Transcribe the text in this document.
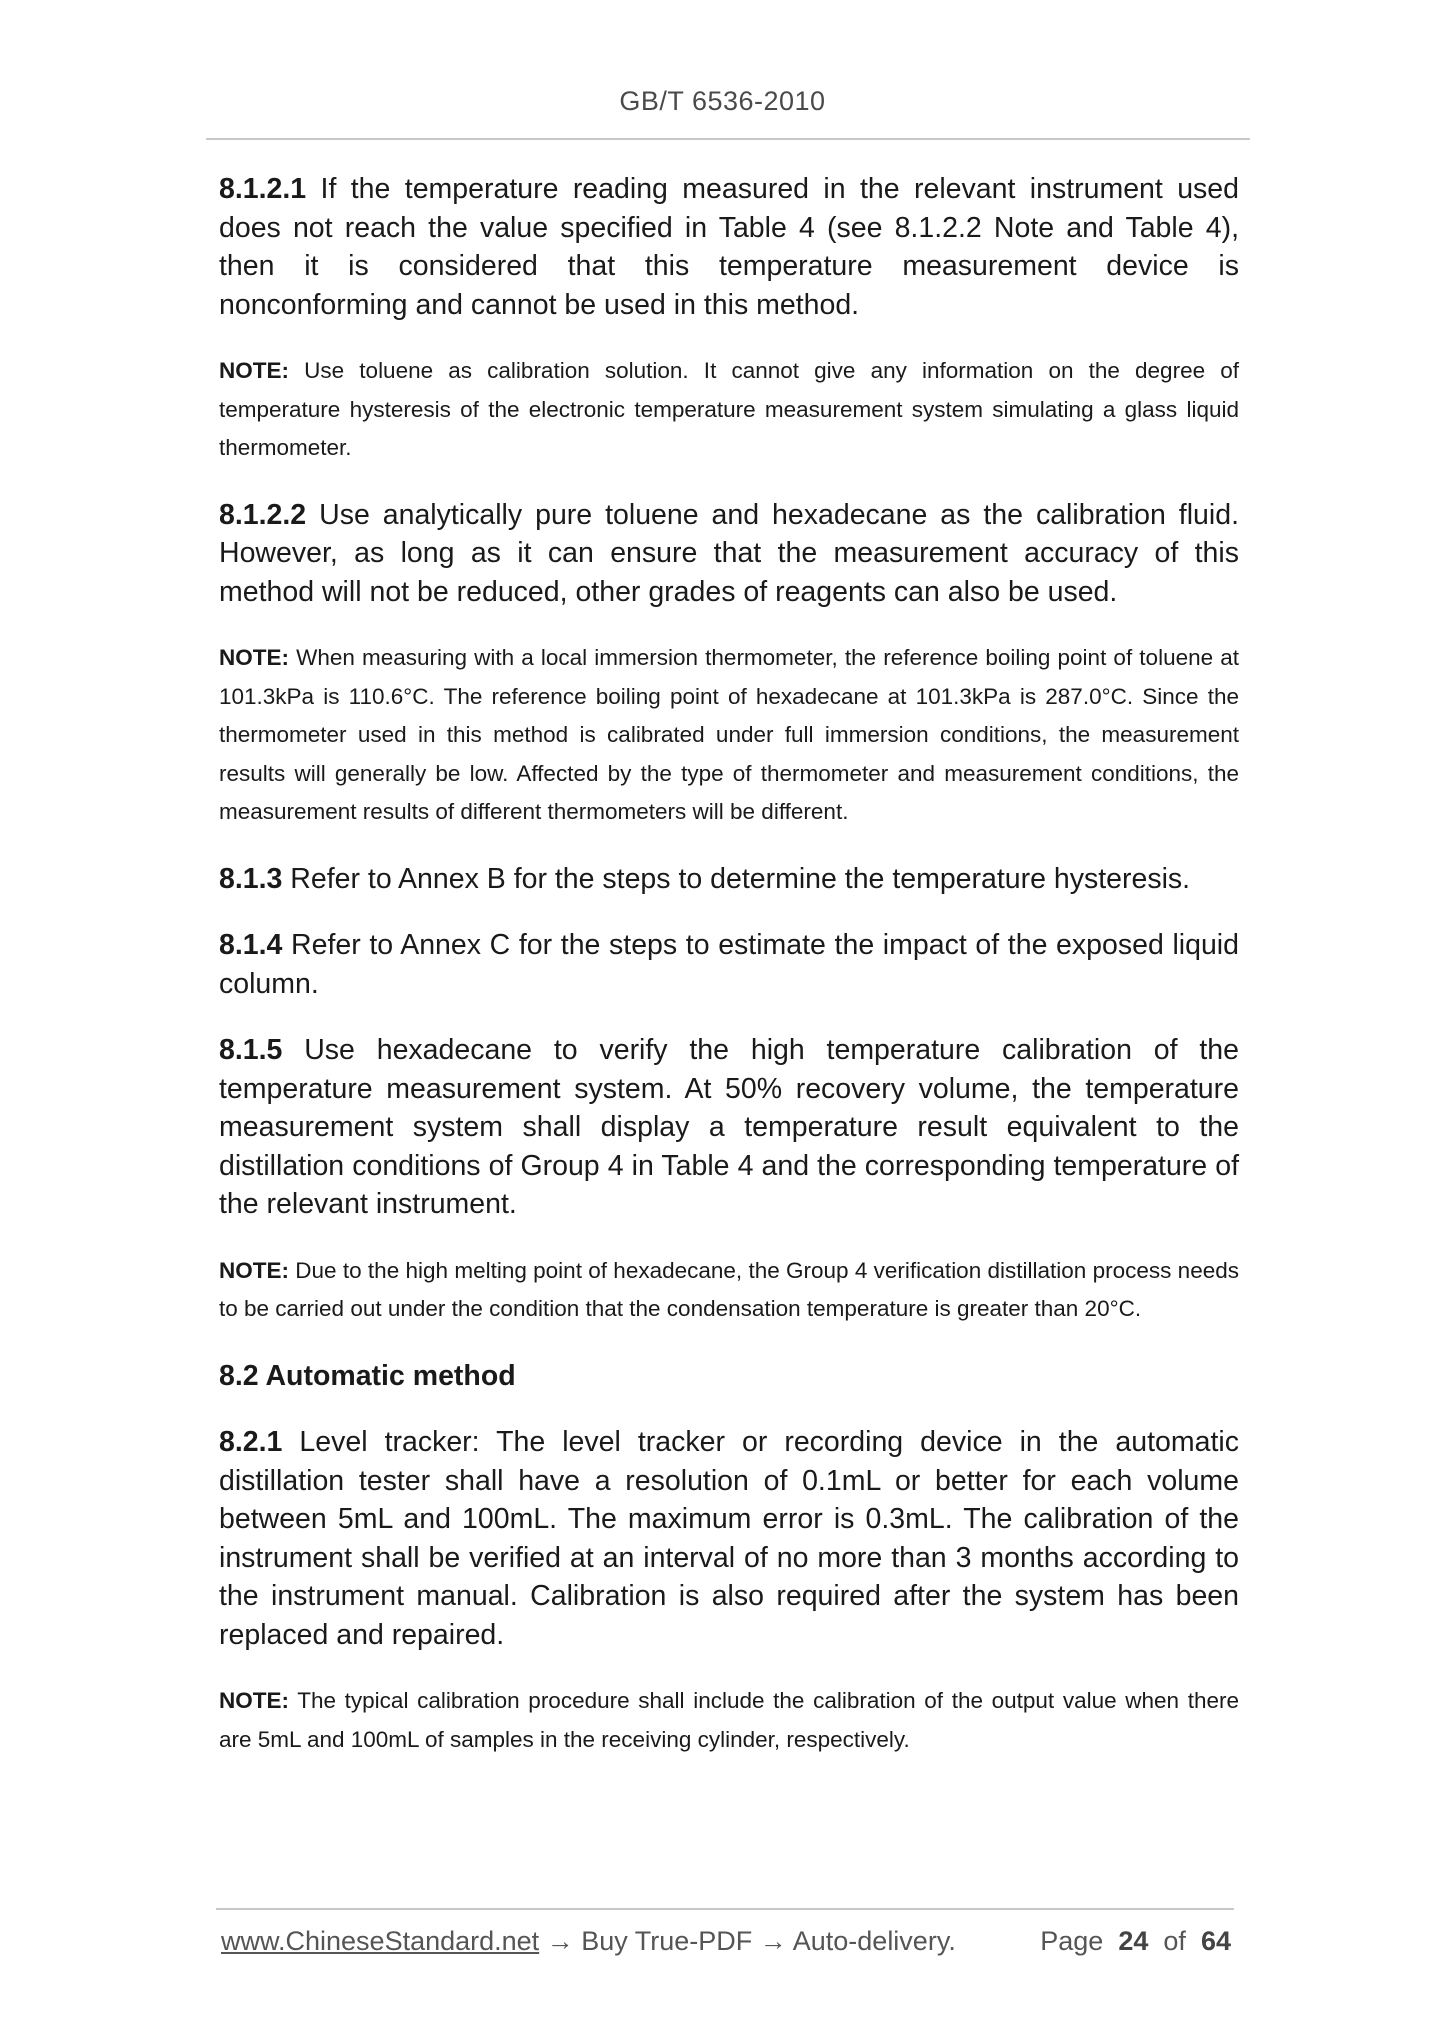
GB/T 6536-2010

8.1.2.1 If the temperature reading measured in the relevant instrument used does not reach the value specified in Table 4 (see 8.1.2.2 Note and Table 4), then it is considered that this temperature measurement device is nonconforming and cannot be used in this method.

NOTE: Use toluene as calibration solution. It cannot give any information on the degree of temperature hysteresis of the electronic temperature measurement system simulating a glass liquid thermometer.

8.1.2.2 Use analytically pure toluene and hexadecane as the calibration fluid. However, as long as it can ensure that the measurement accuracy of this method will not be reduced, other grades of reagents can also be used.

NOTE: When measuring with a local immersion thermometer, the reference boiling point of toluene at 101.3kPa is 110.6°C. The reference boiling point of hexadecane at 101.3kPa is 287.0°C. Since the thermometer used in this method is calibrated under full immersion conditions, the measurement results will generally be low. Affected by the type of thermometer and measurement conditions, the measurement results of different thermometers will be different.

8.1.3 Refer to Annex B for the steps to determine the temperature hysteresis.

8.1.4 Refer to Annex C for the steps to estimate the impact of the exposed liquid column.

8.1.5 Use hexadecane to verify the high temperature calibration of the temperature measurement system. At 50% recovery volume, the temperature measurement system shall display a temperature result equivalent to the distillation conditions of Group 4 in Table 4 and the corresponding temperature of the relevant instrument.

NOTE: Due to the high melting point of hexadecane, the Group 4 verification distillation process needs to be carried out under the condition that the condensation temperature is greater than 20°C.

8.2 Automatic method

8.2.1 Level tracker: The level tracker or recording device in the automatic distillation tester shall have a resolution of 0.1mL or better for each volume between 5mL and 100mL. The maximum error is 0.3mL. The calibration of the instrument shall be verified at an interval of no more than 3 months according to the instrument manual. Calibration is also required after the system has been replaced and repaired.

NOTE: The typical calibration procedure shall include the calibration of the output value when there are 5mL and 100mL of samples in the receiving cylinder, respectively.

www.ChineseStandard.net → Buy True-PDF → Auto-delivery.	Page 24 of 64
